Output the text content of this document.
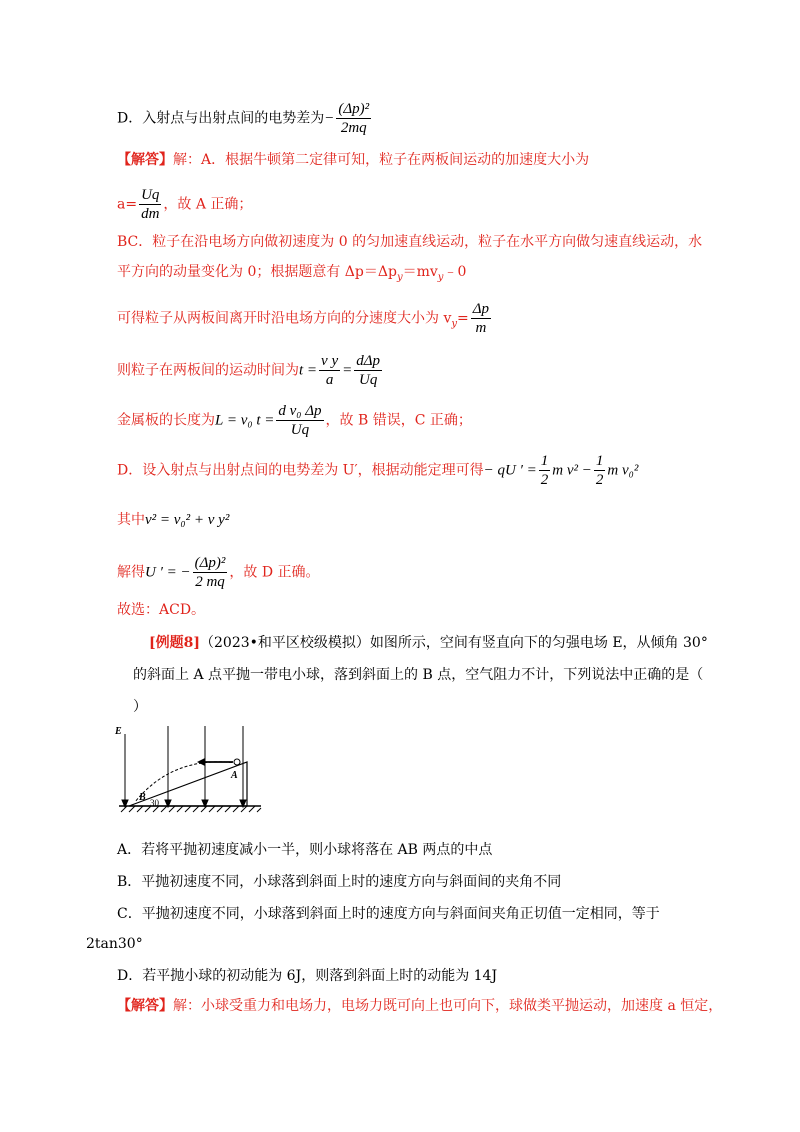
D．入射点与出射点间的电势差为− $\frac{\text{(Δp)²}}{2mq}$
【解答】解：A．根据牛顿第二定律可知，粒子在两板间运动的加速度大小为
$a= \frac{Uq}{dm}$ ，故 A 正确；
BC．粒子在沿电场方向做初速度为 0 的匀加速直线运动，粒子在水平方向做匀速直线运动，水
平方向的动量变化为 0；根据题意有 $\Delta p=\Delta p_y=mv_y﹣0$
可得粒子从两板间离开时沿电场方向的分速度大小为 $v_y= \frac{\Delta p}{m}$
则粒子在两板间的运动时间为$t = \frac{\text{v y}}{a} = \frac{\text{dΔp}}{Uq}$
金属板的长度为L = v₀ $t = \frac{\text{d v₀ Δp}}{Uq}$ ，故 B 错误，C 正确；
D．设入射点与出射点间的电势差为 U′，根据动能定理可得− qU ′ = $\frac{1}{2}$ m $v^2 - \frac{1}{2}$ m v₀²
其中v² = v₀² + v y²
解得U ′ = − $\frac{\text{(Δp)²}}{2 mq}$ ，故 D 正确。
故选：ACD。
[例题8]（2023•和平区校级模拟）如图所示，空间有竖直向下的匀强电场 E，从倾角 30°
的斜面上 A 点平抛一带电小球，落到斜面上的 B 点，空气阻力不计，下列说法中正确的是（
）
E
A
B 30
A．若将平抛初速度减小一半，则小球将落在 AB 两点的中点
B．平抛初速度不同，小球落到斜面上时的速度方向与斜面间的夹角不同
C．平抛初速度不同，小球落到斜面上时的速度方向与斜面间夹角正切值一定相同，等于
2tan30°
D．若平抛小球的初动能为 6J，则落到斜面上时的动能为 14J
【解答】解：小球受重力和电场力，电场力既可向上也可向下，球做类平抛运动，加速度 a 恒定，
